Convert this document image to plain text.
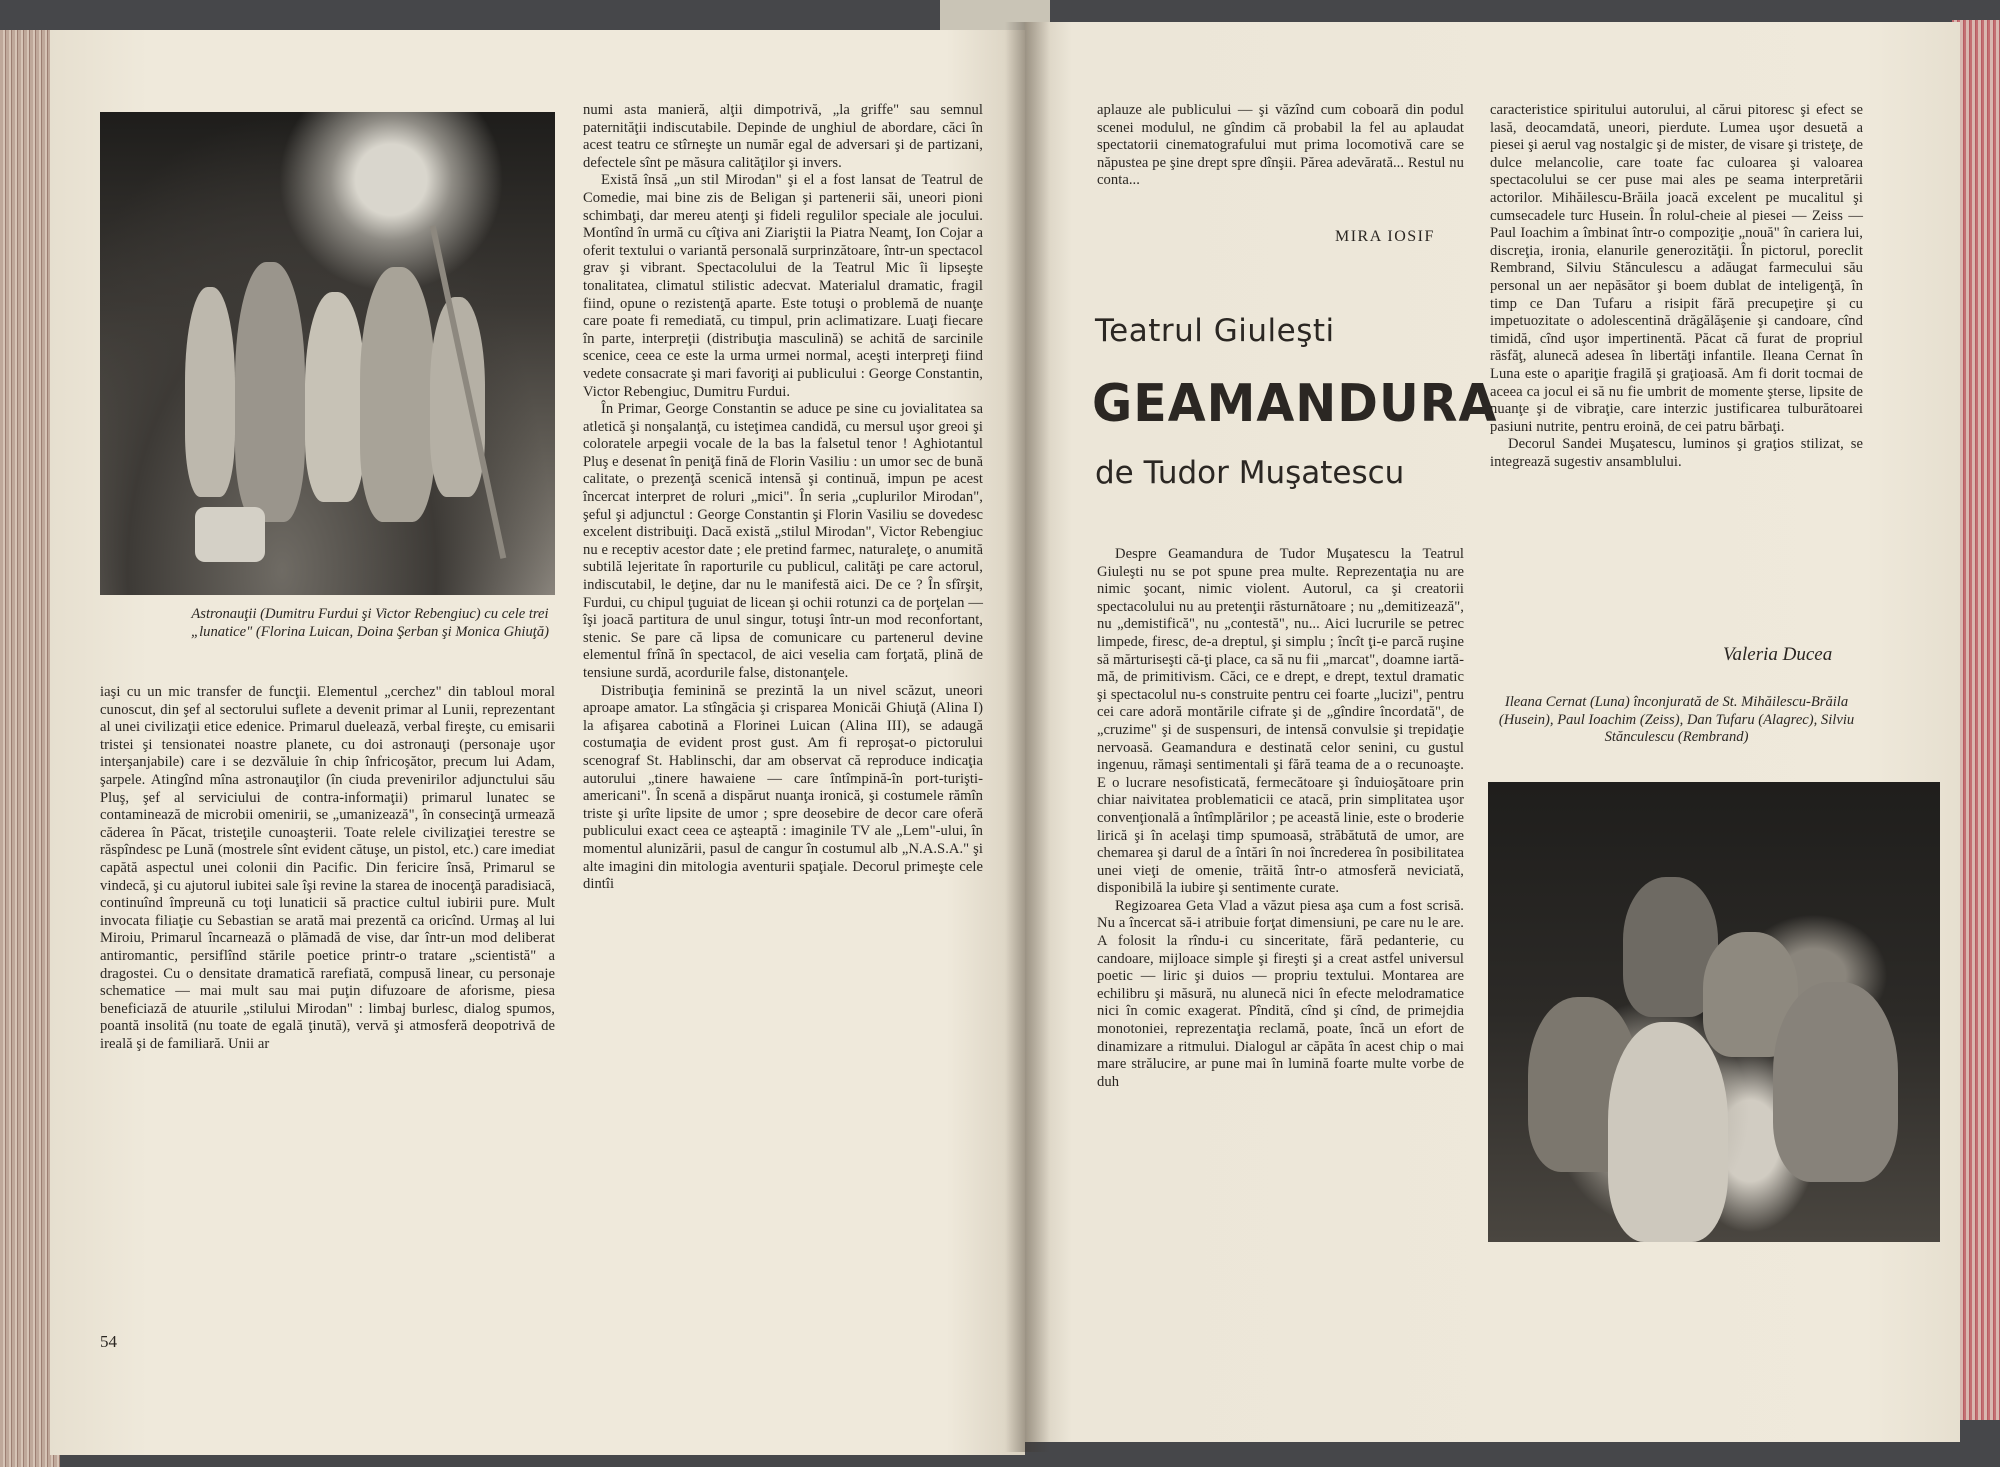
Astronauţii (Dumitru Furdui şi Victor Rebengiuc) cu cele trei „lunatice" (Florina Luican, Doina Şerban şi Monica Ghiuţă)

iaşi cu un mic transfer de funcţii. Elementul „cerchez" din tabloul moral cunoscut, din şef al sectorului suflete a devenit primar al Lunii, reprezentant al unei civilizaţii etice edenice. Primarul duelează, verbal fireşte, cu emisarii tristei şi tensionatei noastre planete, cu doi astronauţi (personaje uşor interşanjabile) care i se dezvăluie în chip înfricoşător, precum lui Adam, şarpele. Atingînd mîna astronauţilor (în ciuda prevenirilor adjunctului său Pluş, şef al serviciului de contra-informaţii) primarul lunatec se contaminează de microbii omenirii, se „umanizează", în consecinţă urmează căderea în Păcat, tristeţile cunoaşterii. Toate relele civilizaţiei terestre se răspîndesc pe Lună (mostrele sînt evident cătuşe, un pistol, etc.) care imediat capătă aspectul unei colonii din Pacific. Din fericire însă, Primarul se vindecă, şi cu ajutorul iubitei sale îşi revine la starea de inocenţă paradisiacă, continuînd împreună cu toţi lunaticii să practice cultul iubirii pure. Mult invocata filiaţie cu Sebastian se arată mai prezentă ca oricînd. Urmaş al lui Miroiu, Primarul încarnează o plămadă de vise, dar într-un mod deliberat antiromantic, persiflînd stările poetice printr-o tratare „scientistă" a dragostei. Cu o densitate dramatică rarefiată, compusă linear, cu personaje schematice — mai mult sau mai puţin difuzoare de aforisme, piesa beneficiază de atuurile „stilului Mirodan" : limbaj burlesc, dialog spumos, poantă insolită (nu toate de egală ţinută), vervă şi atmosferă deopotrivă de ireală şi de familiară. Unii ar

numi asta manieră, alţii dimpotrivă, „la griffe" sau semnul paternităţii indiscutabile. Depinde de unghiul de abordare, căci în acest teatru ce stîrneşte un număr egal de adversari şi de partizani, defectele sînt pe măsura calităţilor şi invers.

Există însă „un stil Mirodan" şi el a fost lansat de Teatrul de Comedie, mai bine zis de Beligan şi partenerii săi, uneori pioni schimbaţi, dar mereu atenţi şi fideli regulilor speciale ale jocului. Montînd în urmă cu cîţiva ani Ziariştii la Piatra Neamţ, Ion Cojar a oferit textului o variantă personală surprinzătoare, într-un spectacol grav şi vibrant. Spectacolului de la Teatrul Mic îi lipseşte tonalitatea, climatul stilistic adecvat. Materialul dramatic, fragil fiind, opune o rezistenţă aparte. Este totuşi o problemă de nuanţe care poate fi remediată, cu timpul, prin aclimatizare. Luaţi fiecare în parte, interpreţii (distribuţia masculină) se achită de sarcinile scenice, ceea ce este la urma urmei normal, aceşti interpreţi fiind vedete consacrate şi mari favoriţi ai publicului : George Constantin, Victor Rebengiuc, Dumitru Furdui.

În Primar, George Constantin se aduce pe sine cu jovialitatea sa atletică şi nonşalanţă, cu isteţimea candidă, cu mersul uşor greoi şi coloratele arpegii vocale de la bas la falsetul tenor ! Aghiotantul Pluş e desenat în peniţă fină de Florin Vasiliu : un umor sec de bună calitate, o prezenţă scenică intensă şi continuă, impun pe acest încercat interpret de roluri „mici". În seria „cuplurilor Mirodan", şeful şi adjunctul : George Constantin şi Florin Vasiliu se dovedesc excelent distribuiţi. Dacă există „stilul Mirodan", Victor Rebengiuc nu e receptiv acestor date ; ele pretind farmec, naturaleţe, o anumită subtilă lejeritate în raporturile cu publicul, calităţi pe care actorul, indiscutabil, le deţine, dar nu le manifestă aici. De ce ? În sfîrşit, Furdui, cu chipul ţuguiat de licean şi ochii rotunzi ca de porţelan — îşi joacă partitura de unul singur, totuşi într-un mod reconfortant, stenic. Se pare că lipsa de comunicare cu partenerul devine elementul frînă în spectacol, de aici veselia cam forţată, plină de tensiune surdă, acordurile false, distonanţele.

Distribuţia feminină se prezintă la un nivel scăzut, uneori aproape amator. La stîngăcia şi crisparea Monicăi Ghiuţă (Alina I) la afişarea cabotină a Florinei Luican (Alina III), se adaugă costumaţia de evident prost gust. Am fi reproşat-o pictorului scenograf St. Hablinschi, dar am observat că reproduce indicaţia autorului „tinere hawaiene — care întîmpină-în port-turişti-americani". În scenă a dispărut nuanţa ironică, şi costumele rămîn triste şi urîte lipsite de umor ; spre deosebire de decor care oferă publicului exact ceea ce aşteaptă : imaginile TV ale „Lem"-ului, în momentul alunizării, pasul de cangur în costumul alb „N.A.S.A." şi alte imagini din mitologia aventurii spaţiale. Decorul primeşte cele dintîi

54

aplauze ale publicului — şi văzînd cum coboară din podul scenei modulul, ne gîndim că probabil la fel au aplaudat spectatorii cinematografului mut prima locomotivă care se năpustea pe şine drept spre dînşii. Părea adevărată... Restul nu conta...

MIRA IOSIF
Teatrul Giuleşti
GEAMANDURA
de Tudor Muşatescu

Despre Geamandura de Tudor Muşatescu la Teatrul Giuleşti nu se pot spune prea multe. Reprezentaţia nu are nimic şocant, nimic violent. Autorul, ca şi creatorii spectacolului nu au pretenţii răsturnătoare ; nu „demitizează", nu „demistifică", nu „contestă", nu... Aici lucrurile se petrec limpede, firesc, de-a dreptul, şi simplu ; încît ţi-e parcă ruşine să mărturiseşti că-ţi place, ca să nu fii „marcat", doamne iartă-mă, de primitivism. Căci, ce e drept, e drept, textul dramatic şi spectacolul nu-s construite pentru cei foarte „lucizi", pentru cei care adoră montările cifrate şi de „gîndire încordată", de „cruzime" şi de suspensuri, de intensă convulsie şi trepidaţie nervoasă. Geamandura e destinată celor senini, cu gustul ingenuu, rămaşi sentimentali şi fără teama de a o recunoaşte. E o lucrare nesofisticată, fermecătoare şi înduioşătoare prin chiar naivitatea problematicii ce atacă, prin simplitatea uşor convenţională a întîmplărilor ; pe această linie, este o broderie lirică şi în acelaşi timp spumoasă, străbătută de umor, are chemarea şi darul de a întări în noi încrederea în posibilitatea unei vieţi de omenie, trăită într-o atmosferă neviciată, disponibilă la iubire şi sentimente curate.

Regizoarea Geta Vlad a văzut piesa aşa cum a fost scrisă. Nu a încercat să-i atribuie forţat dimensiuni, pe care nu le are. A folosit la rîndu-i cu sinceritate, fără pedanterie, cu candoare, mijloace simple şi fireşti şi a creat astfel universul poetic — liric şi duios — propriu textului. Montarea are echilibru şi măsură, nu alunecă nici în efecte melodramatice nici în comic exagerat. Pîndită, cînd şi cînd, de primejdia monotoniei, reprezentaţia reclamă, poate, încă un efort de dinamizare a ritmului. Dialogul ar căpăta în acest chip o mai mare strălucire, ar pune mai în lumină foarte multe vorbe de duh

caracteristice spiritului autorului, al cărui pitoresc şi efect se lasă, deocamdată, uneori, pierdute. Lumea uşor desuetă a piesei şi aerul vag nostalgic şi de mister, de visare şi tristeţe, de dulce melancolie, care toate fac culoarea şi valoarea spectacolului se cer puse mai ales pe seama interpretării actorilor. Mihăilescu-Brăila joacă excelent pe mucalitul şi cumsecadele turc Husein. În rolul-cheie al piesei — Zeiss — Paul Ioachim a îmbinat într-o compoziţie „nouă" în cariera lui, discreţia, ironia, elanurile generozităţii. În pictorul, poreclit Rembrand, Silviu Stănculescu a adăugat farmecului său personal un aer nepăsător şi boem dublat de inteligenţă, în timp ce Dan Tufaru a risipit fără precupeţire şi cu impetuozitate o adolescentină drăgălăşenie şi candoare, cînd timidă, cînd uşor impertinentă. Păcat că furat de propriul răsfăţ, alunecă adesea în libertăţi infantile. Ileana Cernat în Luna este o apariţie fragilă şi graţioasă. Am fi dorit tocmai de aceea ca jocul ei să nu fie umbrit de momente şterse, lipsite de nuanţe şi de vibraţie, care interzic justificarea tulburătoarei pasiuni nutrite, pentru eroină, de cei patru bărbaţi.

Decorul Sandei Muşatescu, luminos şi graţios stilizat, se integrează sugestiv ansamblului.

Valeria Ducea
Ileana Cernat (Luna) înconjurată de St. Mihăilescu-Brăila (Husein), Paul Ioachim (Zeiss), Dan Tufaru (Alagrec), Silviu Stănculescu (Rembrand)
